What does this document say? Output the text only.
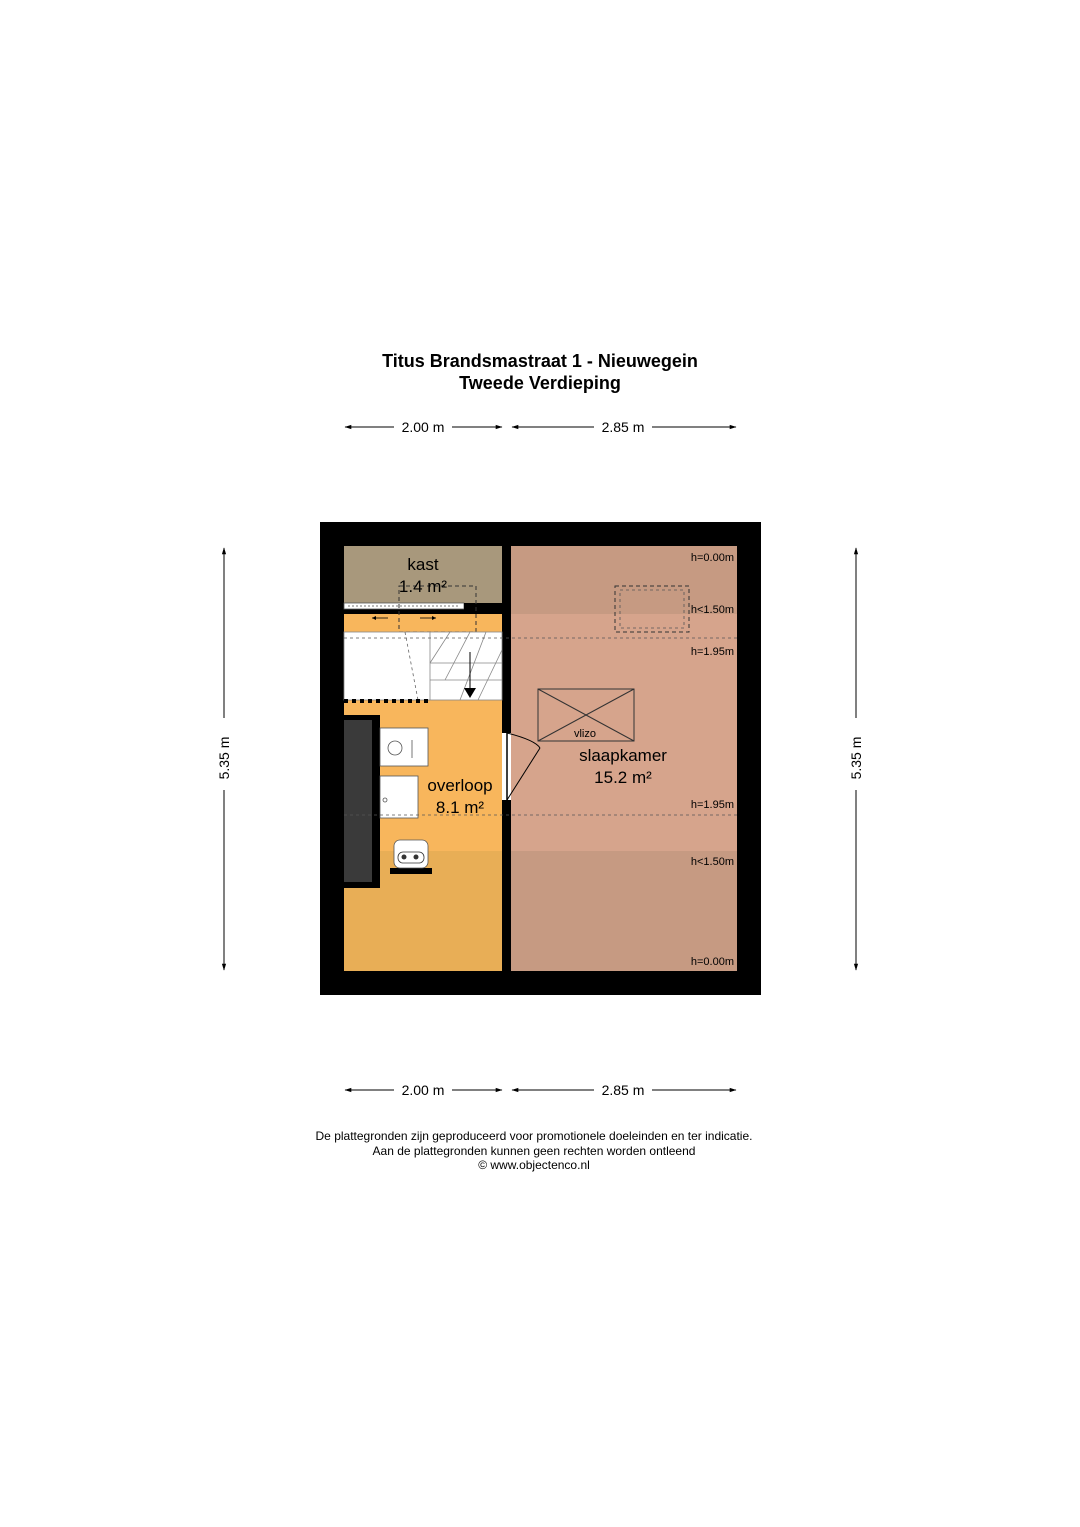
Titus Brandsmastraat 1 - Nieuwegein
Tweede Verdieping
2.00 m	2.85 m
2.00 m	2.85 m
5.35 m	5.35 m
vlizo
h=0.00m
h<1.50m
h=1.95m
h=1.95m
h<1.50m
h=0.00m
kast
1.4 m²
overloop
8.1 m²
slaapkamer
15.2 m²
De plattegronden zijn geproduceerd voor promotionele doeleinden en ter indicatie.
Aan de plattegronden kunnen geen rechten worden ontleend
© www.objectenco.nl
